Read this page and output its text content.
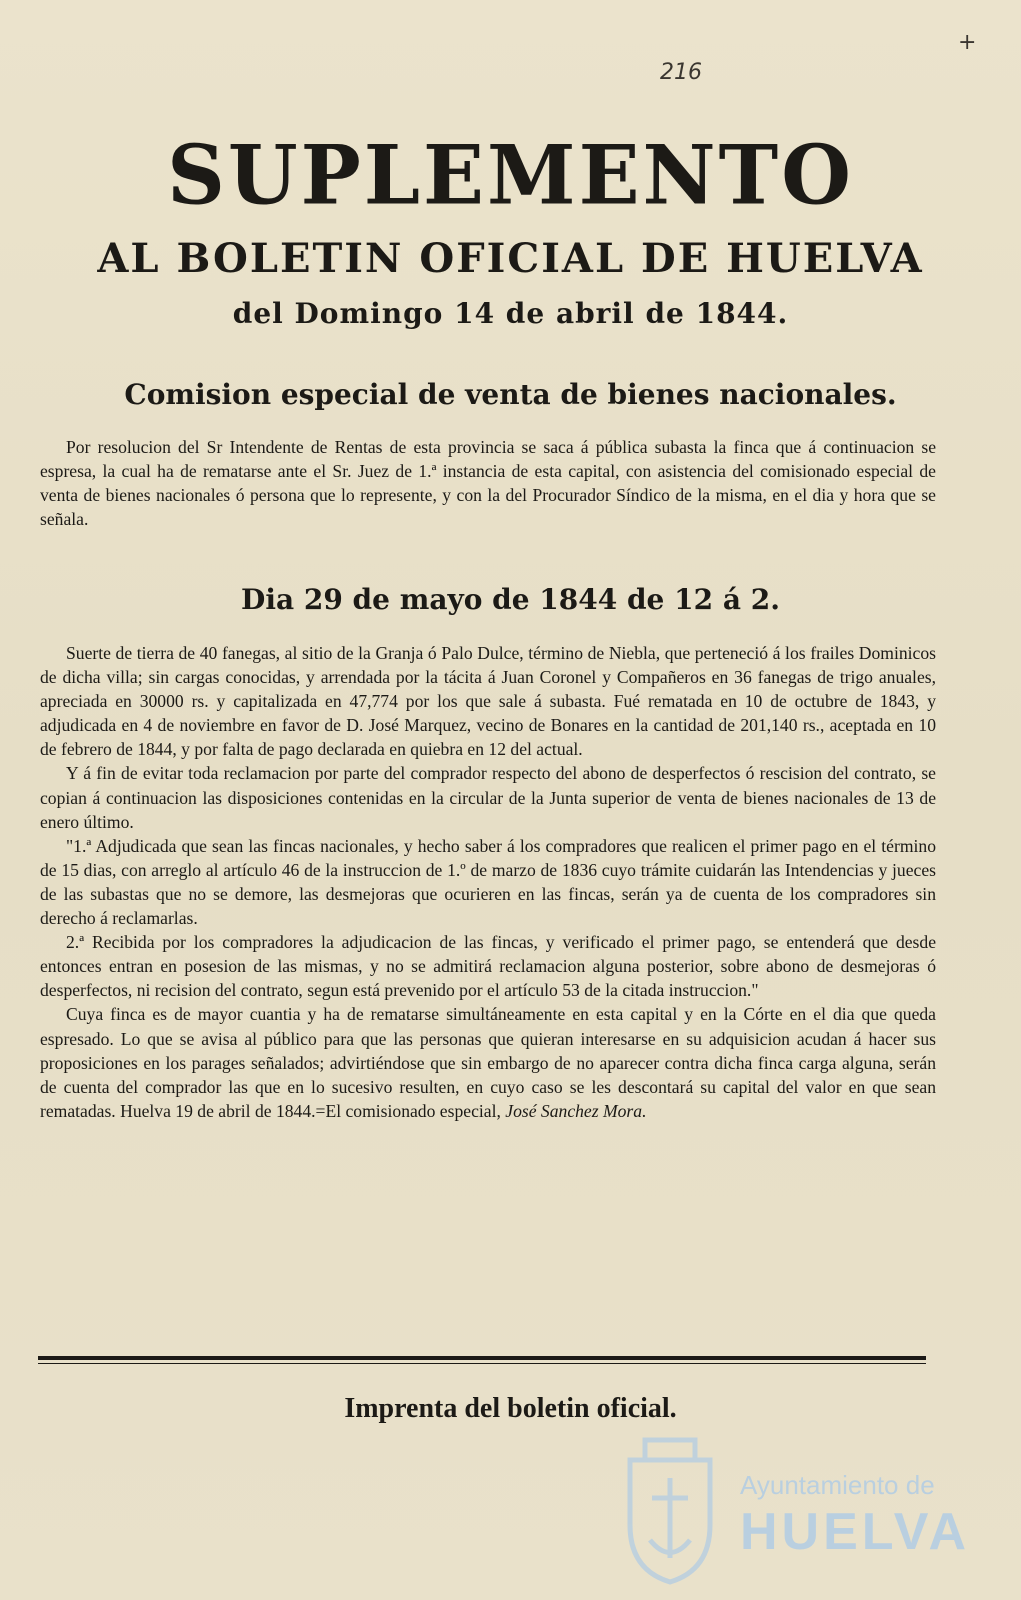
216
+
SUPLEMENTO
AL BOLETIN OFICIAL DE HUELVA
del Domingo 14 de abril de 1844.
Comision especial de venta de bienes nacionales.

Por resolucion del Sr Intendente de Rentas de esta provincia se saca á pública subasta la finca que á continuacion se espresa, la cual ha de rematarse ante el Sr. Juez de 1.ª instancia de esta capital, con asistencia del comisionado especial de venta de bienes nacionales ó persona que lo represente, y con la del Procurador Síndico de la misma, en el dia y hora que se señala.

Dia 29 de mayo de 1844 de 12 á 2.

Suerte de tierra de 40 fanegas, al sitio de la Granja ó Palo Dulce, término de Niebla, que perteneció á los frailes Dominicos de dicha villa; sin cargas conocidas, y arrendada por la tácita á Juan Coronel y Compañeros en 36 fanegas de trigo anuales, apreciada en 30000 rs. y capitalizada en 47,774 por los que sale á subasta. Fué rematada en 10 de octubre de 1843, y adjudicada en 4 de noviembre en favor de D. José Marquez, vecino de Bonares en la cantidad de 201,140 rs., aceptada en 10 de febrero de 1844, y por falta de pago declarada en quiebra en 12 del actual.

Y á fin de evitar toda reclamacion por parte del comprador respecto del abono de desperfectos ó rescision del contrato, se copian á continuacion las disposiciones contenidas en la circular de la Junta superior de venta de bienes nacionales de 13 de enero último.

"1.ª Adjudicada que sean las fincas nacionales, y hecho saber á los compradores que realicen el primer pago en el término de 15 dias, con arreglo al artículo 46 de la instruccion de 1.º de marzo de 1836 cuyo trámite cuidarán las Intendencias y jueces de las subastas que no se demore, las desmejoras que ocurieren en las fincas, serán ya de cuenta de los compradores sin derecho á reclamarlas.

2.ª Recibida por los compradores la adjudicacion de las fincas, y verificado el primer pago, se entenderá que desde entonces entran en posesion de las mismas, y no se admitirá reclamacion alguna posterior, sobre abono de desmejoras ó desperfectos, ni recision del contrato, segun está prevenido por el artículo 53 de la citada instruccion."

Cuya finca es de mayor cuantia y ha de rematarse simultáneamente en esta capital y en la Córte en el dia que queda espresado. Lo que se avisa al público para que las personas que quieran interesarse en su adquisicion acudan á hacer sus proposiciones en los parages señalados; advirtiéndose que sin embargo de no aparecer contra dicha finca carga alguna, serán de cuenta del comprador las que en lo sucesivo resulten, en cuyo caso se les descontará su capital del valor en que sean rematadas. Huelva 19 de abril de 1844.=El comisionado especial, José Sanchez Mora.

Imprenta del boletin oficial.

Ayuntamiento de
HUELVA
